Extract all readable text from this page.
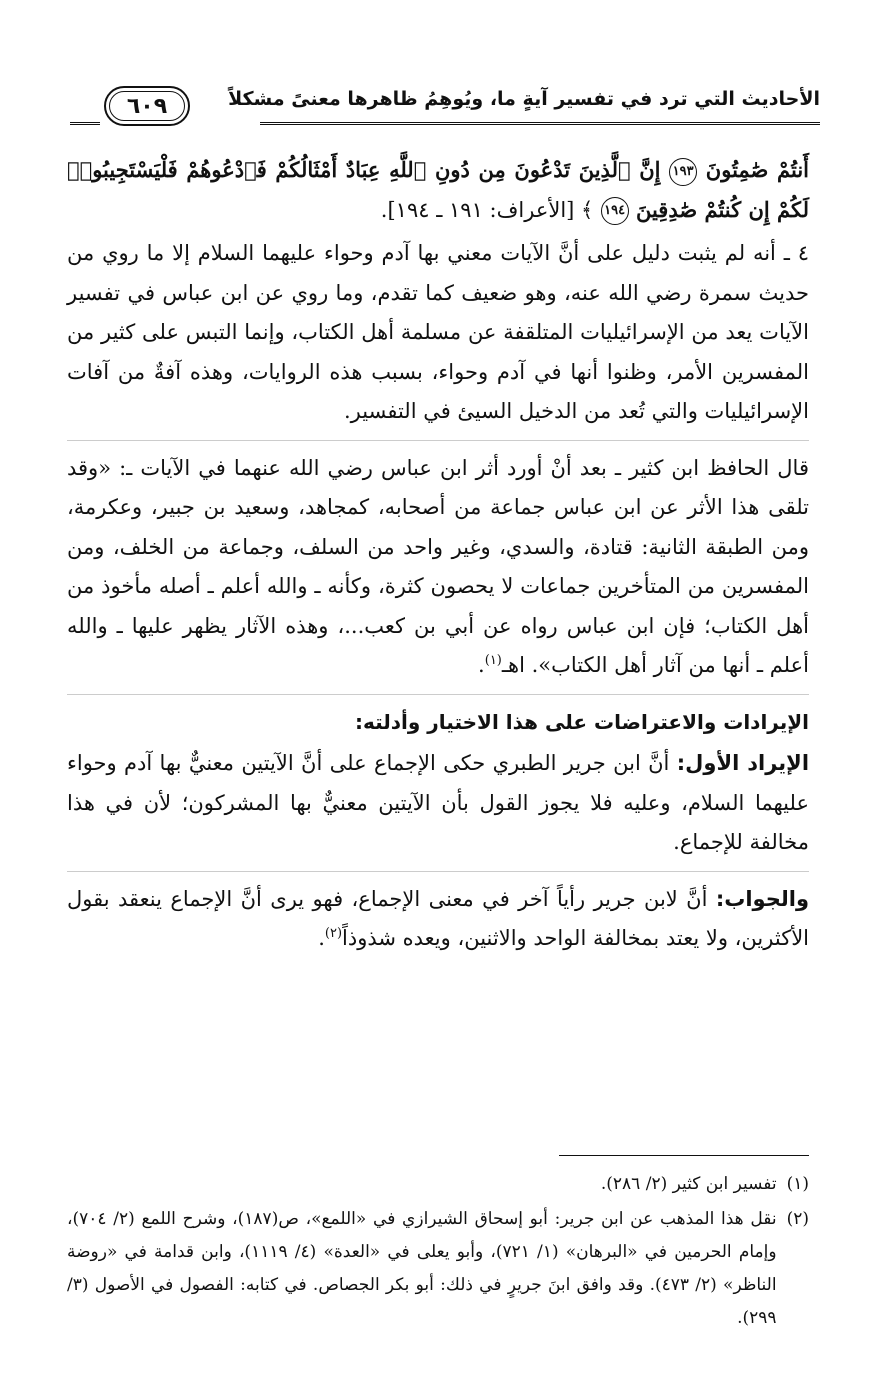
الأحاديث التي ترد في تفسير آيةٍ ما، ويُوهِمُ ظاهرها معنىً مشكلاً
٦٠٩

أَنتُمْ صَٰمِتُونَ ١٩٣ إِنَّ ٱلَّذِينَ تَدْعُونَ مِن دُونِ ٱللَّهِ عِبَادٌ أَمْثَالُكُمْ فَٱدْعُوهُمْ فَلْيَسْتَجِيبُوا۟ لَكُمْ إِن كُنتُمْ صَٰدِقِينَ ١٩٤ ﴾ [الأعراف: ١٩١ ـ ١٩٤].

٤ ـ أنه لم يثبت دليل على أنَّ الآيات معني بها آدم وحواء عليهما السلام إلا ما روي من حديث سمرة رضي الله عنه، وهو ضعيف كما تقدم، وما روي عن ابن عباس في تفسير الآيات يعد من الإسرائيليات المتلقفة عن مسلمة أهل الكتاب، وإنما التبس على كثير من المفسرين الأمر، وظنوا أنها في آدم وحواء، بسبب هذه الروايات، وهذه آفةٌ من آفات الإسرائيليات والتي تُعد من الدخيل السيئ في التفسير.

قال الحافظ ابن كثير ـ بعد أنْ أورد أثر ابن عباس رضي الله عنهما في الآيات ـ: «وقد تلقى هذا الأثر عن ابن عباس جماعة من أصحابه، كمجاهد، وسعيد بن جبير، وعكرمة، ومن الطبقة الثانية: قتادة، والسدي، وغير واحد من السلف، وجماعة من الخلف، ومن المفسرين من المتأخرين جماعات لا يحصون كثرة، وكأنه ـ والله أعلم ـ أصله مأخوذ من أهل الكتاب؛ فإن ابن عباس رواه عن أبي بن كعب...، وهذه الآثار يظهر عليها ـ والله أعلم ـ أنها من آثار أهل الكتاب». اهـ$^{(١)}$.

الإيرادات والاعتراضات على هذا الاختيار وأدلته:

الإيراد الأول: أنَّ ابن جرير الطبري حكى الإجماع على أنَّ الآيتين معنيٌّ بها آدم وحواء عليهما السلام، وعليه فلا يجوز القول بأن الآيتين معنيٌّ بها المشركون؛ لأن في هذا مخالفة للإجماع.

والجواب: أنَّ لابن جرير رأياً آخر في معنى الإجماع، فهو يرى أنَّ الإجماع ينعقد بقول الأكثرين، ولا يعتد بمخالفة الواحد والاثنين، ويعده شذوذاً$^{(٢)}$.

(١)
تفسير ابن كثير (٢/ ٢٨٦).

(٢)
نقل هذا المذهب عن ابن جرير: أبو إسحاق الشيرازي في «اللمع»، ص(١٨٧)، وشرح اللمع (٢/ ٧٠٤)، وإمام الحرمين في «البرهان» (١/ ٧٢١)، وأبو يعلى في «العدة» (٤/ ١١١٩)، وابن قدامة في «روضة الناظر» (٢/ ٤٧٣). وقد وافق ابنَ جريرٍ في ذلك: أبو بكر الجصاص. في كتابه: الفصول في الأصول (٣/ ٢٩٩).
